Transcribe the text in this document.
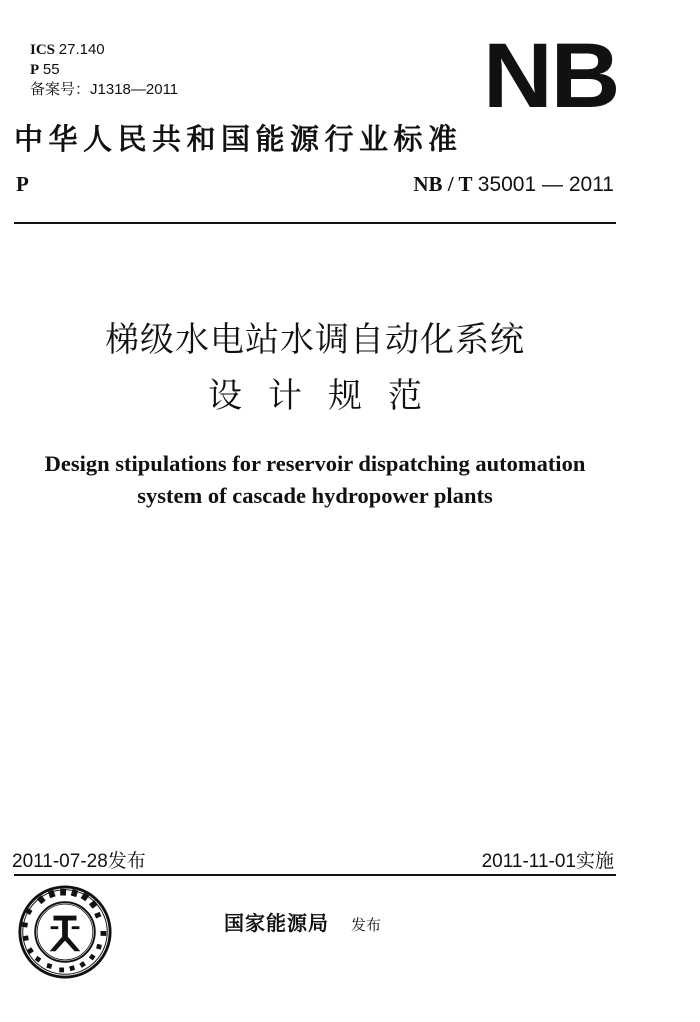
ICS 27.140
P 55
备案号：J1318—2011	NB
中华人民共和国能源行业标准
P	NB / T 35001 — 2011
梯级水电站水调自动化系统
设计规范
Design stipulations for reservoir dispatching automation
system of cascade hydropower plants
2011-07-28发布	2011-11-01实施
国家能源局 发布
